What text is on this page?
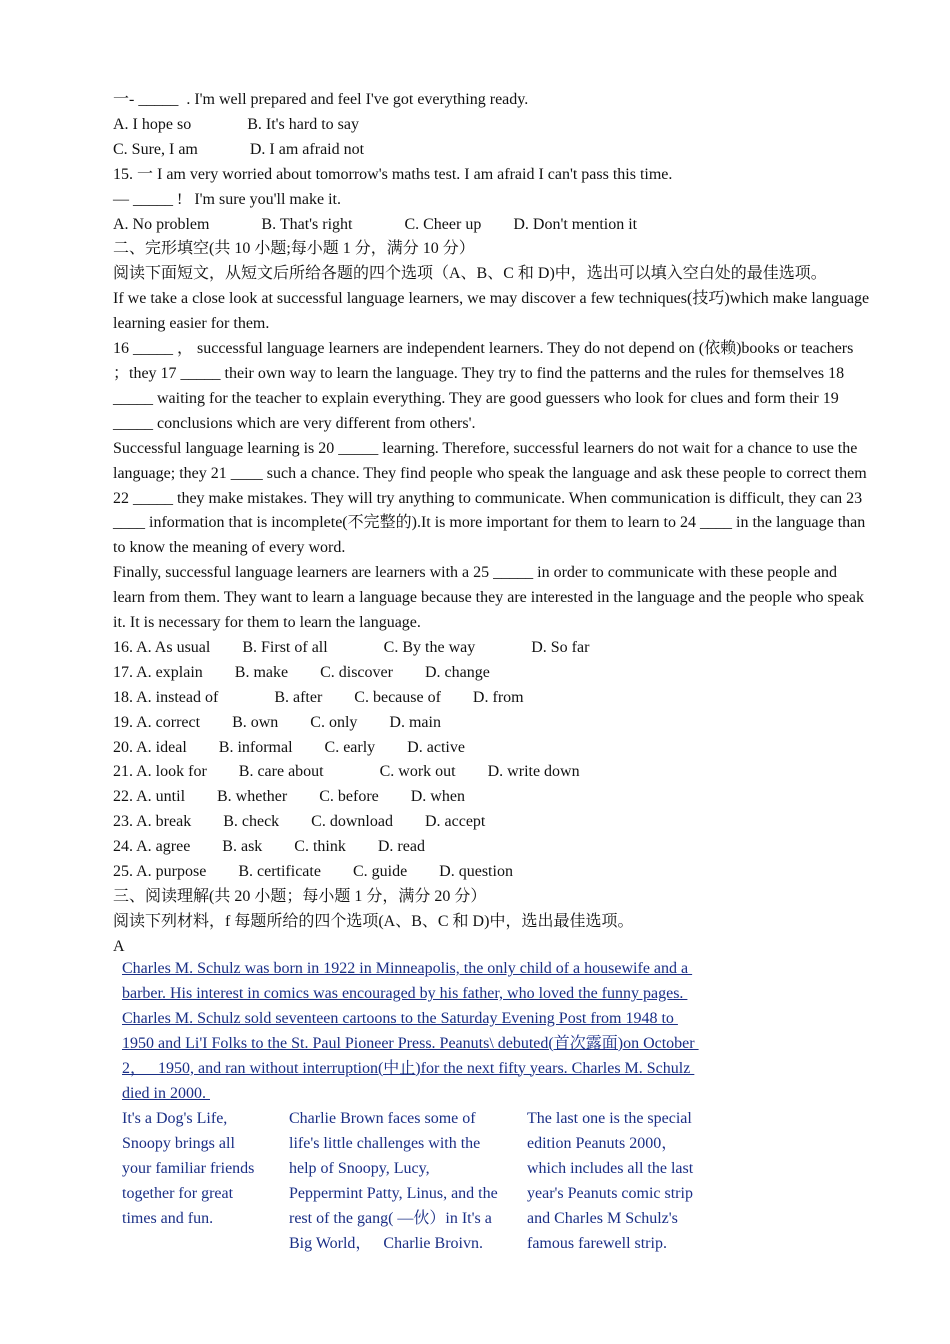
一- _____  . I'm well prepared and feel I've got everything ready.
A. I hope so              B. It's hard to say
C. Sure, I am             D. I am afraid not
15. 一 I am very worried about tomorrow's maths test. I am afraid I can't pass this time.
— _____ !   I'm sure you'll make it.
A. No problem             B. That's right             C. Cheer up        D. Don't mention it
二、完形填空(共 10 小题;每小题 1 分，满分 10 分）
阅读下面短文，从短文后所给各题的四个选项（A、B、C 和 D)中，选出可以填入空白处的最佳选项。
If we take a close look at successful language learners, we may discover a few techniques(技巧)which make language learning easier for them.
16 _____ ， successful language learners are independent learners. They do not depend on (依赖)books or teachers ；they 17 _____ their own way to learn the language. They try to find the patterns and the rules for themselves 18 _____ waiting for the teacher to explain everything. They are good guessers who look for clues and form their 19 _____ conclusions which are very different from others'.
Successful language learning is 20 _____ learning. Therefore, successful learners do not wait for a chance to use the language; they 21 ____ such a chance. They find people who speak the language and ask these people to correct them 22 _____ they make mistakes. They will try anything to communicate. When communication is difficult, they can 23 ____ information that is incomplete(不完整的).It is more important for them to learn to 24 ____ in the language than to know the meaning of every word.
Finally, successful language learners are learners with a 25 _____ in order to communicate with these people and learn from them. They want to learn a language because they are interested in the language and the people who speak it. It is necessary for them to learn the language.
16. A. As usual        B. First of all              C. By the way              D. So far
17. A. explain        B. make        C. discover        D. change
18. A. instead of              B. after        C. because of        D. from
19. A. correct        B. own        C. only        D. main
20. A. ideal        B. informal        C. early        D. active
21. A. look for        B. care about              C. work out        D. write down
22. A. until        B. whether        C. before        D. when
23. A. break        B. check        C. download        D. accept
24. A. agree        B. ask        C. think        D. read
25. A. purpose        B. certificate        C. guide        D. question
三、阅读理解(共 20 小题；每小题 1 分，满分 20 分）
阅读下列材料，f 每题所给的四个选项(A、B、C 和 D)中，选出最佳选项。
A
Charles M. Schulz was born in 1922 in Minneapolis, the only child of a housewife and a
barber. His interest in comics was encouraged by his father, who loved the funny pages.
Charles M. Schulz sold seventeen cartoons to the Saturday Evening Post from 1948 to
1950 and Li'I Folks to the St. Paul Pioneer Press. Peanuts\ debuted(首次露面)on October
2，   1950, and ran without interruption(中止)for the next fifty years. Charles M. Schulz
died in 2000.
It's a Dog's Life,
Snoopy brings all
your familiar friends
together for great
times and fun.
Charlie Brown faces some of
life's little challenges with the
help of Snoopy, Lucy,
Peppermint Patty, Linus, and the
rest of the gang( —伙）in It's a
Big World，   Charlie Broivn.
The last one is the special
edition Peanuts 2000，
which includes all the last
year's Peanuts comic strip
and Charles M Schulz's
famous farewell strip.
